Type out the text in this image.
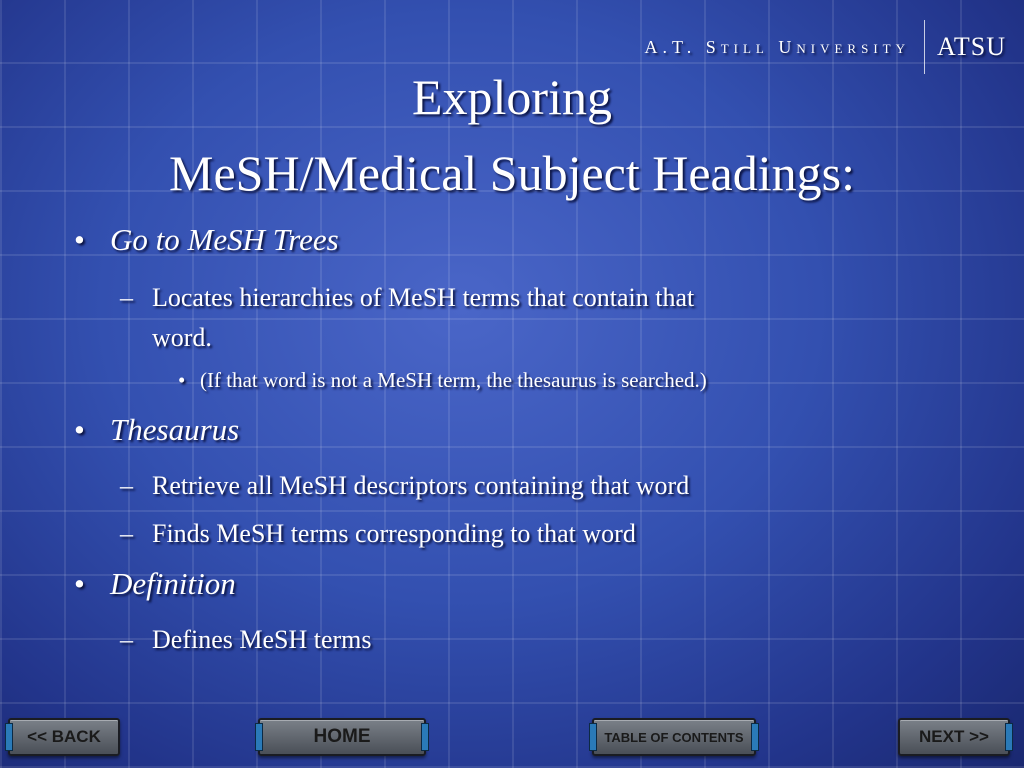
A.T. Still University ATSU
Exploring
MeSH/Medical Subject Headings:
• Go to MeSH Trees
– Locates hierarchies of MeSH terms that contain that
word.
• (If that word is not a MeSH term, the thesaurus is searched.)
• Thesaurus
– Retrieve all MeSH descriptors containing that word
– Finds MeSH terms corresponding to that word
• Definition
– Defines MeSH terms
<< BACK	HOME	TABLE OF CONTENTS	NEXT >>
